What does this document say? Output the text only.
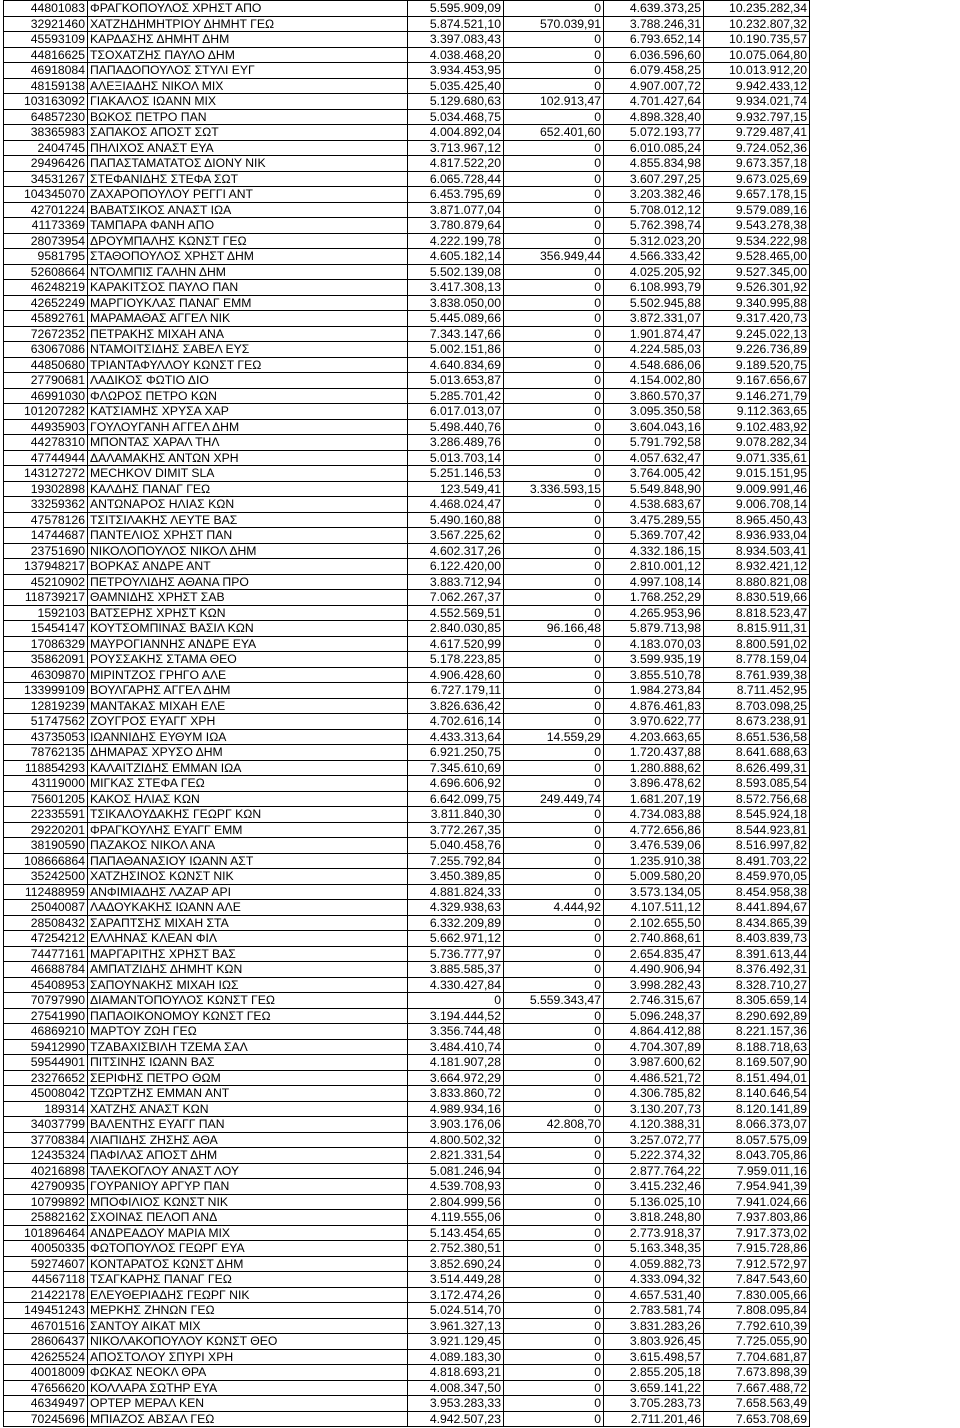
44801083	ΦΡΑΓΚΟΠΟΥΛΟΣ ΧΡΗΣΤ ΑΠΟ	5.595.909,09	0	4.639.373,25	10.235.282,34	
32921460	ΧΑΤΖΗΔΗΜΗΤΡΙΟΥ ΔΗΜΗΤ ΓΕΩ	5.874.521,10	570.039,91	3.788.246,31	10.232.807,32	
45593109	ΚΑΡΔΑΣΗΣ ΔΗΜΗΤ ΔΗΜ	3.397.083,43	0	6.793.652,14	10.190.735,57	
44816625	ΤΣΟΧΑΤΖΗΣ ΠΑΥΛΟ ΔΗΜ	4.038.468,20	0	6.036.596,60	10.075.064,80	
46918084	ΠΑΠΑΔΟΠΟΥΛΟΣ ΣΤΥΛΙ ΕΥΓ	3.934.453,95	0	6.079.458,25	10.013.912,20	
48159138	ΑΛΕΞΙΑΔΗΣ ΝΙΚΟΛ ΜΙΧ	5.035.425,40	0	4.907.007,72	9.942.433,12	
103163092	ΓΙΑΚΑΛΟΣ ΙΩΑΝΝ ΜΙΧ	5.129.680,63	102.913,47	4.701.427,64	9.934.021,74	
64857230	ΒΩΚΟΣ ΠΕΤΡΟ ΠΑΝ	5.034.468,75	0	4.898.328,40	9.932.797,15	
38365983	ΣΑΠΑΚΟΣ ΑΠΟΣΤ ΣΩΤ	4.004.892,04	652.401,60	5.072.193,77	9.729.487,41	
2404745	ΠΗΛΙΧΟΣ ΑΝΑΣΤ ΕΥΑ	3.713.967,12	0	6.010.085,24	9.724.052,36	
29496426	ΠΑΠΑΣΤΑΜΑΤΑΤΟΣ ΔΙΟΝΥ ΝΙΚ	4.817.522,20	0	4.855.834,98	9.673.357,18	
34531267	ΣΤΕΦΑΝΙΔΗΣ ΣΤΕΦΑ ΣΩΤ	6.065.728,44	0	3.607.297,25	9.673.025,69	
104345070	ΖΑΧΑΡΟΠΟΥΛΟΥ ΡΕΓΓΙ ΑΝΤ	6.453.795,69	0	3.203.382,46	9.657.178,15	
42701224	ΒΑΒΑΤΣΙΚΟΣ ΑΝΑΣΤ ΙΩΑ	3.871.077,04	0	5.708.012,12	9.579.089,16	
41173369	ΤΑΜΠΑΡΑ ΦΑΝΗ ΑΠΟ	3.780.879,64	0	5.762.398,74	9.543.278,38	
28073954	ΔΡΟΥΜΠΑΛΗΣ ΚΩΝΣΤ ΓΕΩ	4.222.199,78	0	5.312.023,20	9.534.222,98	
9581795	ΣΤΑΘΟΠΟΥΛΟΣ ΧΡΗΣΤ ΔΗΜ	4.605.182,14	356.949,44	4.566.333,42	9.528.465,00	
52608664	ΝΤΟΛΜΠΙΣ ΓΑΛΗΝ ΔΗΜ	5.502.139,08	0	4.025.205,92	9.527.345,00	
46248219	ΚΑΡΑΚΙΤΣΟΣ ΠΑΥΛΟ ΠΑΝ	3.417.308,13	0	6.108.993,79	9.526.301,92	
42652249	ΜΑΡΓΙΟΥΚΛΑΣ ΠΑΝΑΓ ΕΜΜ	3.838.050,00	0	5.502.945,88	9.340.995,88	
45892761	ΜΑΡΑΜΑΘΑΣ ΑΓΓΕΛ ΝΙΚ	5.445.089,66	0	3.872.331,07	9.317.420,73	
72672352	ΠΕΤΡΑΚΗΣ ΜΙΧΑΗ ΑΝΑ	7.343.147,66	0	1.901.874,47	9.245.022,13	
63067086	ΝΤΑΜΟΙΤΣΙΔΗΣ ΣΑΒΕΛ ΕΥΣ	5.002.151,86	0	4.224.585,03	9.226.736,89	
44850680	ΤΡΙΑΝΤΑΦΥΛΛΟΥ ΚΩΝΣΤ ΓΕΩ	4.640.834,69	0	4.548.686,06	9.189.520,75	
27790681	ΛΑΔΙΚΟΣ ΦΩΤΙΟ ΔΙΟ	5.013.653,87	0	4.154.002,80	9.167.656,67	
46991030	ΦΛΩΡΟΣ ΠΕΤΡΟ ΚΩΝ	5.285.701,42	0	3.860.570,37	9.146.271,79	
101207282	ΚΑΤΣΙΑΜΗΣ ΧΡΥΣΑ ΧΑΡ	6.017.013,07	0	3.095.350,58	9.112.363,65	
44935903	ΓΟΥΛΟΥΓΑΝΗ ΑΓΓΕΛ ΔΗΜ	5.498.440,76	0	3.604.043,16	9.102.483,92	
44278310	ΜΠΟΝΤΑΣ ΧΑΡΑΛ ΤΗΛ	3.286.489,76	0	5.791.792,58	9.078.282,34	
47744944	ΔΑΛΑΜΑΚΗΣ ΑΝΤΩΝ ΧΡΗ	5.013.703,14	0	4.057.632,47	9.071.335,61	
143127272	MECHKOV DIMIT SLA	5.251.146,53	0	3.764.005,42	9.015.151,95	
19302898	ΚΑΛΔΗΣ ΠΑΝΑΓ ΓΕΩ	123.549,41	3.336.593,15	5.549.848,90	9.009.991,46	
33259362	ΑΝΤΩΝΑΡΟΣ ΗΛΙΑΣ ΚΩΝ	4.468.024,47	0	4.538.683,67	9.006.708,14	
47578126	ΤΣΙΤΣΙΛΑΚΗΣ ΛΕΥΤΕ ΒΑΣ	5.490.160,88	0	3.475.289,55	8.965.450,43	
14744687	ΠΑΝΤΕΛΙΟΣ ΧΡΗΣΤ ΠΑΝ	3.567.225,62	0	5.369.707,42	8.936.933,04	
23751690	ΝΙΚΟΛΟΠΟΥΛΟΣ ΝΙΚΟΛ ΔΗΜ	4.602.317,26	0	4.332.186,15	8.934.503,41	
137948217	ΒΟΡΚΑΣ ΑΝΔΡΕ ΑΝΤ	6.122.420,00	0	2.810.001,12	8.932.421,12	
45210902	ΠΕΤΡΟΥΛΙΔΗΣ ΑΘΑΝΑ ΠΡΟ	3.883.712,94	0	4.997.108,14	8.880.821,08	
118739217	ΘΑΜΝΙΔΗΣ ΧΡΗΣΤ ΣΑΒ	7.062.267,37	0	1.768.252,29	8.830.519,66	
1592103	ΒΑΤΣΕΡΗΣ ΧΡΗΣΤ ΚΩΝ	4.552.569,51	0	4.265.953,96	8.818.523,47	
15454147	ΚΟΥΤΣΟΜΠΙΝΑΣ ΒΑΣΙΛ ΚΩΝ	2.840.030,85	96.166,48	5.879.713,98	8.815.911,31	
17086329	ΜΑΥΡΟΓΙΑΝΝΗΣ ΑΝΔΡΕ ΕΥΑ	4.617.520,99	0	4.183.070,03	8.800.591,02	
35862091	ΡΟΥΣΣΑΚΗΣ ΣΤΑΜΑ ΘΕΟ	5.178.223,85	0	3.599.935,19	8.778.159,04	
46309870	ΜΙΡΙΝΤΖΟΣ ΓΡΗΓΟ ΑΛΕ	4.906.428,60	0	3.855.510,78	8.761.939,38	
133999109	ΒΟΥΛΓΑΡΗΣ ΑΓΓΕΛ ΔΗΜ	6.727.179,11	0	1.984.273,84	8.711.452,95	
12819239	ΜΑΝΤΑΚΑΣ ΜΙΧΑΗ ΕΛΕ	3.826.636,42	0	4.876.461,83	8.703.098,25	
51747562	ΖΟΥΓΡΟΣ ΕΥΑΓΓ ΧΡΗ	4.702.616,14	0	3.970.622,77	8.673.238,91	
43735053	ΙΩΑΝΝΙΔΗΣ ΕΥΘΥΜ ΙΩΑ	4.433.313,64	14.559,29	4.203.663,65	8.651.536,58	
78762135	ΔΗΜΑΡΑΣ ΧΡΥΣΟ ΔΗΜ	6.921.250,75	0	1.720.437,88	8.641.688,63	
118854293	ΚΑΛΑΙΤΖΙΔΗΣ ΕΜΜΑΝ ΙΩΑ	7.345.610,69	0	1.280.888,62	8.626.499,31	
43119000	ΜΙΓΚΑΣ ΣΤΕΦΑ ΓΕΩ	4.696.606,92	0	3.896.478,62	8.593.085,54	
75601205	ΚΑΚΟΣ ΗΛΙΑΣ ΚΩΝ	6.642.099,75	249.449,74	1.681.207,19	8.572.756,68	
22335591	ΤΣΙΚΑΛΟΥΔΑΚΗΣ ΓΕΩΡΓ ΚΩΝ	3.811.840,30	0	4.734.083,88	8.545.924,18	
29220201	ΦΡΑΓΚΟΥΛΗΣ ΕΥΑΓΓ ΕΜΜ	3.772.267,35	0	4.772.656,86	8.544.923,81	
38190590	ΠΑΖΑΚΟΣ ΝΙΚΟΛ ΑΝΑ	5.040.458,76	0	3.476.539,06	8.516.997,82	
108666864	ΠΑΠΑΘΑΝΑΣΙΟΥ ΙΩΑΝΝ ΑΣΤ	7.255.792,84	0	1.235.910,38	8.491.703,22	
35242500	ΧΑΤΖΗΣΙΝΟΣ ΚΩΝΣΤ ΝΙΚ	3.450.389,85	0	5.009.580,20	8.459.970,05	
112488959	ΑΝΦΙΜΙΑΔΗΣ ΛΑΖΑΡ ΑΡΙ	4.881.824,33	0	3.573.134,05	8.454.958,38	
25040087	ΛΑΔΟΥΚΑΚΗΣ ΙΩΑΝΝ ΑΛΕ	4.329.938,63	4.444,92	4.107.511,12	8.441.894,67	
28508432	ΣΑΡΑΠΤΣΗΣ ΜΙΧΑΗ ΣΤΑ	6.332.209,89	0	2.102.655,50	8.434.865,39	
47254212	ΕΛΛΗΝΑΣ ΚΛΕΑΝ ΦΙΛ	5.662.971,12	0	2.740.868,61	8.403.839,73	
74477161	ΜΑΡΓΑΡΙΤΗΣ ΧΡΗΣΤ ΒΑΣ	5.736.777,97	0	2.654.835,47	8.391.613,44	
46688784	ΑΜΠΑΤΖΙΔΗΣ ΔΗΜΗΤ ΚΩΝ	3.885.585,37	0	4.490.906,94	8.376.492,31	
45408953	ΣΑΠΟΥΝΑΚΗΣ ΜΙΧΑΗ ΙΩΣ	4.330.427,84	0	3.998.282,43	8.328.710,27	
70797990	ΔΙΑΜΑΝΤΟΠΟΥΛΟΣ ΚΩΝΣΤ ΓΕΩ	0	5.559.343,47	2.746.315,67	8.305.659,14	
27541990	ΠΑΠΑΟΙΚΟΝΟΜΟΥ ΚΩΝΣΤ ΓΕΩ	3.194.444,52	0	5.096.248,37	8.290.692,89	
46869210	ΜΑΡΤΟΥ ΖΩΗ ΓΕΩ	3.356.744,48	0	4.864.412,88	8.221.157,36	
59412990	ΤΖΑΒΑΧΙΣΒΙΛΗ ΤΖΕΜΑ ΣΑΛ	3.484.410,74	0	4.704.307,89	8.188.718,63	
59544901	ΠΙΤΣΙΝΗΣ ΙΩΑΝΝ ΒΑΣ	4.181.907,28	0	3.987.600,62	8.169.507,90	
23276652	ΣΕΡΙΦΗΣ ΠΕΤΡΟ ΘΩΜ	3.664.972,29	0	4.486.521,72	8.151.494,01	
45008042	ΤΖΩΡΤΖΗΣ ΕΜΜΑΝ ΑΝΤ	3.833.860,72	0	4.306.785,82	8.140.646,54	
189314	ΧΑΤΖΗΣ ΑΝΑΣΤ ΚΩΝ	4.989.934,16	0	3.130.207,73	8.120.141,89	
34037799	ΒΑΛΕΝΤΗΣ ΕΥΑΓΓ ΠΑΝ	3.903.176,06	42.808,70	4.120.388,31	8.066.373,07	
37708384	ΛΙΑΠΙΔΗΣ ΖΗΣΗΣ ΑΘΑ	4.800.502,32	0	3.257.072,77	8.057.575,09	
12435324	ΠΑΦΙΛΑΣ ΑΠΟΣΤ ΔΗΜ	2.821.331,54	0	5.222.374,32	8.043.705,86	
40216898	ΤΑΛΕΚΟΓΛΟΥ ΑΝΑΣΤ ΛΟΥ	5.081.246,94	0	2.877.764,22	7.959.011,16	
42790935	ΓΟΥΡΑΝΙΟΥ ΑΡΓΥΡ ΠΑΝ	4.539.708,93	0	3.415.232,46	7.954.941,39	
10799892	ΜΠΟΦΙΛΙΟΣ ΚΩΝΣΤ ΝΙΚ	2.804.999,56	0	5.136.025,10	7.941.024,66	
25882162	ΣΧΟΙΝΑΣ ΠΕΛΟΠ ΑΝΔ	4.119.555,06	0	3.818.248,80	7.937.803,86	
101896464	ΑΝΔΡΕΑΔΟΥ ΜΑΡΙΑ ΜΙΧ	5.143.454,65	0	2.773.918,37	7.917.373,02	
40050335	ΦΩΤΟΠΟΥΛΟΣ ΓΕΩΡΓ ΕΥΑ	2.752.380,51	0	5.163.348,35	7.915.728,86	
59274607	ΚΟΝΤΑΡΑΤΟΣ ΚΩΝΣΤ ΔΗΜ	3.852.690,24	0	4.059.882,73	7.912.572,97	
44567118	ΤΣΑΓΚΑΡΗΣ ΠΑΝΑΓ ΓΕΩ	3.514.449,28	0	4.333.094,32	7.847.543,60	
21422178	ΕΛΕΥΘΕΡΙΑΔΗΣ ΓΕΩΡΓ ΝΙΚ	3.172.474,26	0	4.657.531,40	7.830.005,66	
149451243	ΜΕΡΚΗΣ ΖΗΝΩΝ ΓΕΩ	5.024.514,70	0	2.783.581,74	7.808.095,84	
46701516	ΣΑΝΤΟΥ ΑΙΚΑΤ ΜΙΧ	3.961.327,13	0	3.831.283,26	7.792.610,39	
28606437	ΝΙΚΟΛΑΚΟΠΟΥΛΟΥ ΚΩΝΣΤ ΘΕΟ	3.921.129,45	0	3.803.926,45	7.725.055,90	
42625524	ΑΠΟΣΤΟΛΟΥ ΣΠΥΡΙ ΧΡΗ	4.089.183,30	0	3.615.498,57	7.704.681,87	
40018009	ΦΩΚΑΣ ΝΕΟΚΛ ΘΡΑ	4.818.693,21	0	2.855.205,18	7.673.898,39	
47656620	ΚΟΛΛΑΡΑ ΣΩΤΗΡ ΕΥΑ	4.008.347,50	0	3.659.141,22	7.667.488,72	
46349497	ΟΡΤΕΡ ΜΕΡΑΛ ΚΕΝ	3.953.283,33	0	3.705.283,73	7.658.563,49	
70245696	ΜΠΙΑΖΟΣ ΑΒΣΑΛ ΓΕΩ	4.942.507,23	0	2.711.201,46	7.653.708,69	
